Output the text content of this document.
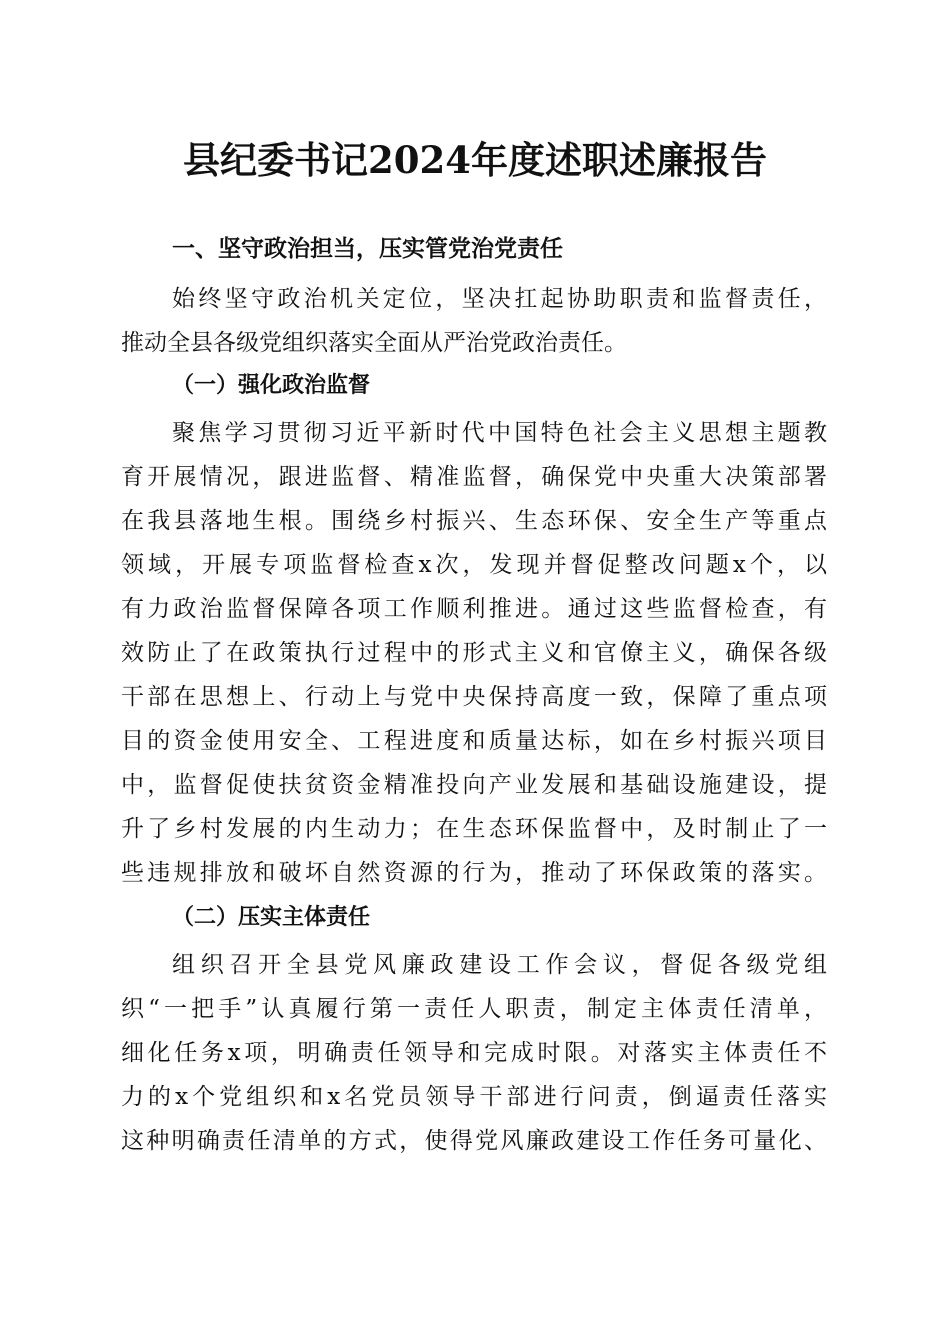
县纪委书记2024年度述职述廉报告
一、坚守政治担当，压实管党治党责任
始终坚守政治机关定位，坚决扛起协助职责和监督责任，
推动全县各级党组织落实全面从严治党政治责任。
（一）强化政治监督
聚焦学习贯彻习近平新时代中国特色社会主义思想主题教
育开展情况，跟进监督、精准监督，确保党中央重大决策部署
在我县落地生根。围绕乡村振兴、生态环保、安全生产等重点
领域，开展专项监督检查x次，发现并督促整改问题x个，以
有力政治监督保障各项工作顺利推进。通过这些监督检查，有
效防止了在政策执行过程中的形式主义和官僚主义，确保各级
干部在思想上、行动上与党中央保持高度一致，保障了重点项
目的资金使用安全、工程进度和质量达标，如在乡村振兴项目
中，监督促使扶贫资金精准投向产业发展和基础设施建设，提
升了乡村发展的内生动力；在生态环保监督中，及时制止了一
些违规排放和破坏自然资源的行为，推动了环保政策的落实。
（二）压实主体责任
组织召开全县党风廉政建设工作会议，督促各级党组
织“一把手”认真履行第一责任人职责，制定主体责任清单，
细化任务x项，明确责任领导和完成时限。对落实主体责任不
力的x个党组织和x名党员领导干部进行问责，倒逼责任落实
这种明确责任清单的方式，使得党风廉政建设工作任务可量化、
